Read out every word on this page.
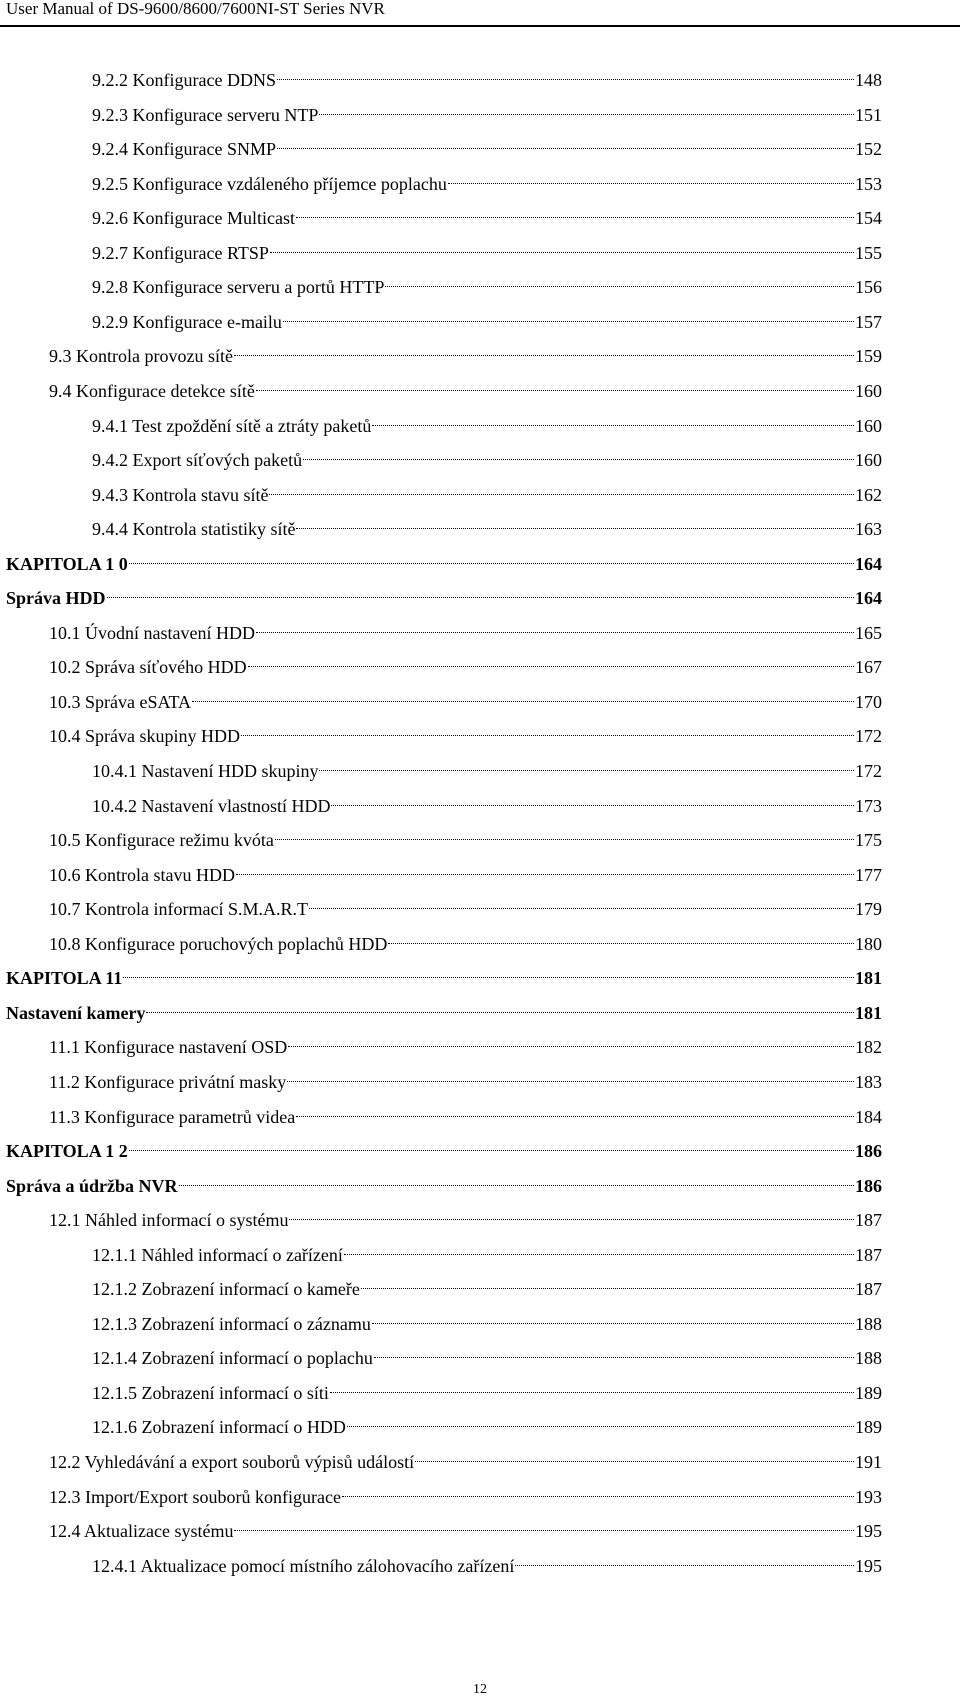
User Manual of DS-9600/8600/7600NI-ST Series NVR
9.2.2 Konfigurace DDNS	148
9.2.3 Konfigurace serveru NTP	151
9.2.4 Konfigurace SNMP	152
9.2.5 Konfigurace vzdáleného příjemce poplachu	153
9.2.6 Konfigurace Multicast	154
9.2.7 Konfigurace RTSP	155
9.2.8 Konfigurace serveru a portů HTTP	156
9.2.9 Konfigurace e-mailu	157
9.3 Kontrola provozu sítě	159
9.4 Konfigurace detekce sítě	160
9.4.1 Test zpoždění sítě a ztráty paketů	160
9.4.2 Export síťových paketů	160
9.4.3 Kontrola stavu sítě	162
9.4.4 Kontrola statistiky sítě	163
KAPITOLA 1 0	164
Správa HDD	164
10.1 Úvodní nastavení HDD	165
10.2 Správa síťového HDD	167
10.3 Správa eSATA	170
10.4 Správa skupiny HDD	172
10.4.1 Nastavení HDD skupiny	172
10.4.2 Nastavení vlastností HDD	173
10.5 Konfigurace režimu kvóta	175
10.6 Kontrola stavu HDD	177
10.7 Kontrola informací S.M.A.R.T	179
10.8 Konfigurace poruchových poplachů HDD	180
KAPITOLA 11	181
Nastavení kamery	181
11.1 Konfigurace nastavení OSD	182
11.2 Konfigurace privátní masky	183
11.3 Konfigurace parametrů videa	184
KAPITOLA 1 2	186
Správa a údržba NVR	186
12.1 Náhled informací o systému	187
12.1.1 Náhled informací o zařízení	187
12.1.2 Zobrazení informací o kameře	187
12.1.3 Zobrazení informací o záznamu	188
12.1.4 Zobrazení informací o poplachu	188
12.1.5 Zobrazení informací o síti	189
12.1.6 Zobrazení informací o HDD	189
12.2 Vyhledávání a export souborů výpisů událostí	191
12.3 Import/Export souborů konfigurace	193
12.4 Aktualizace systému	195
12.4.1 Aktualizace pomocí místního zálohovacího zařízení	195
12
